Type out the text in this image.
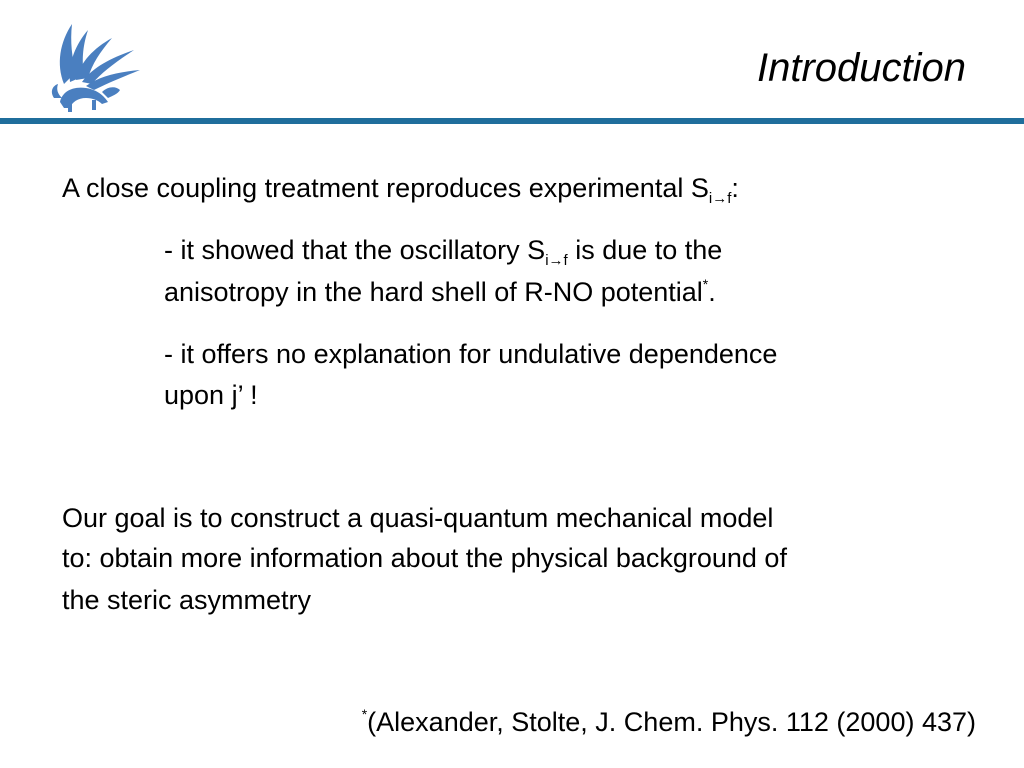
Introduction
A close coupling treatment reproduces experimental $S_{i\to f}$:
- it showed that the oscillatory $S_{i\to f}$ is due to the
anisotropy in the hard shell of R-NO potential*.
- it offers no explanation for undulative dependence
upon j’ !
Our goal is to construct a quasi-quantum mechanical model
to: obtain more information about the physical background of
the steric asymmetry
*(Alexander, Stolte, J. Chem. Phys. 112 (2000) 437)
